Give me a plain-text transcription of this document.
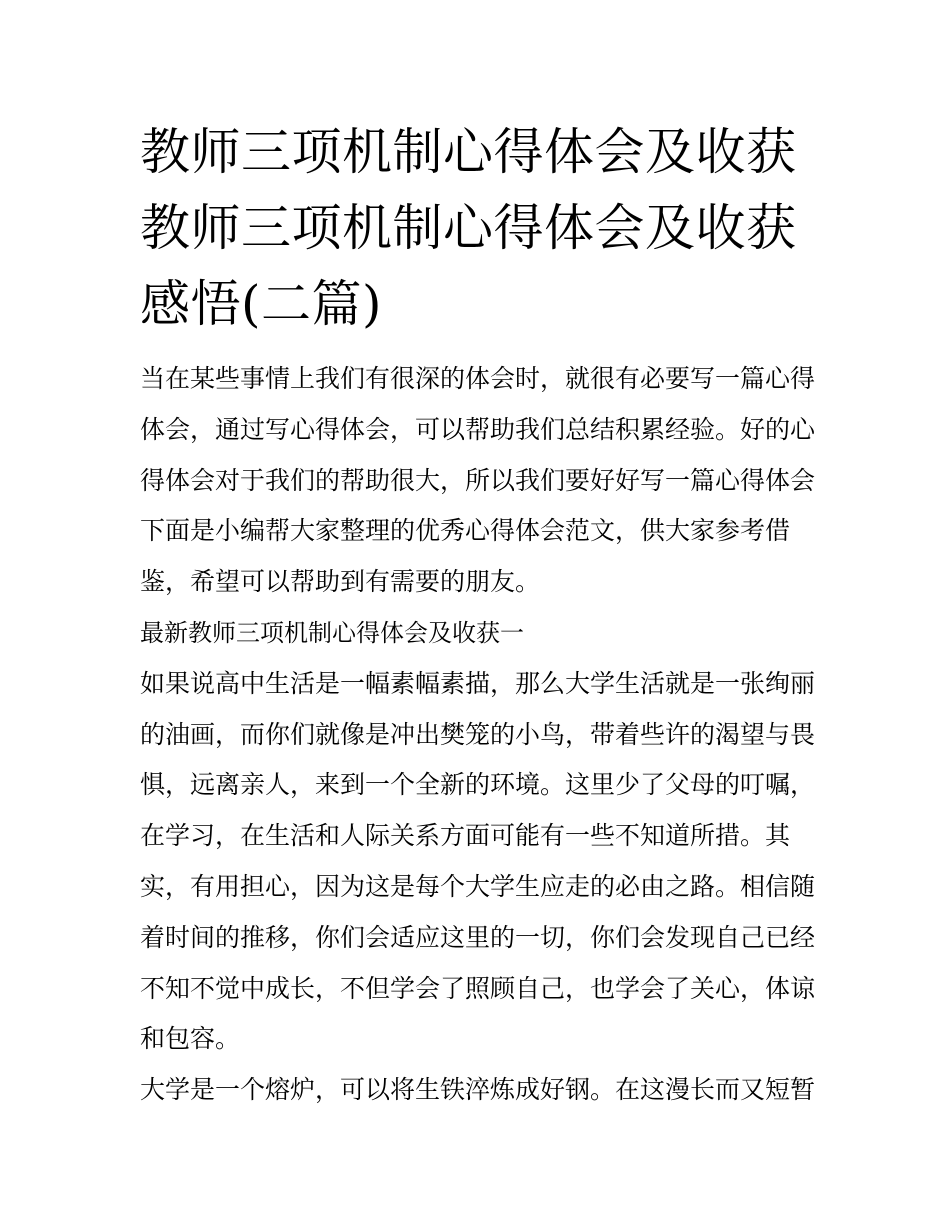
教师三项机制心得体会及收获
教师三项机制心得体会及收获
感悟(二篇)

当在某些事情上我们有很深的体会时，就很有必要写一篇心得
体会，通过写心得体会，可以帮助我们总结积累经验。好的心
得体会对于我们的帮助很大，所以我们要好好写一篇心得体会
下面是小编帮大家整理的优秀心得体会范文，供大家参考借
鉴，希望可以帮助到有需要的朋友。

最新教师三项机制心得体会及收获一

如果说高中生活是一幅素幅素描，那么大学生活就是一张绚丽
的油画，而你们就像是冲出樊笼的小鸟，带着些许的渴望与畏
惧，远离亲人，来到一个全新的环境。这里少了父母的叮嘱，
在学习，在生活和人际关系方面可能有一些不知道所措。其
实，有用担心，因为这是每个大学生应走的必由之路。相信随
着时间的推移，你们会适应这里的一切，你们会发现自己已经
不知不觉中成长，不但学会了照顾自己，也学会了关心，体谅
和包容。

大学是一个熔炉，可以将生铁淬炼成好钢。在这漫长而又短暂
